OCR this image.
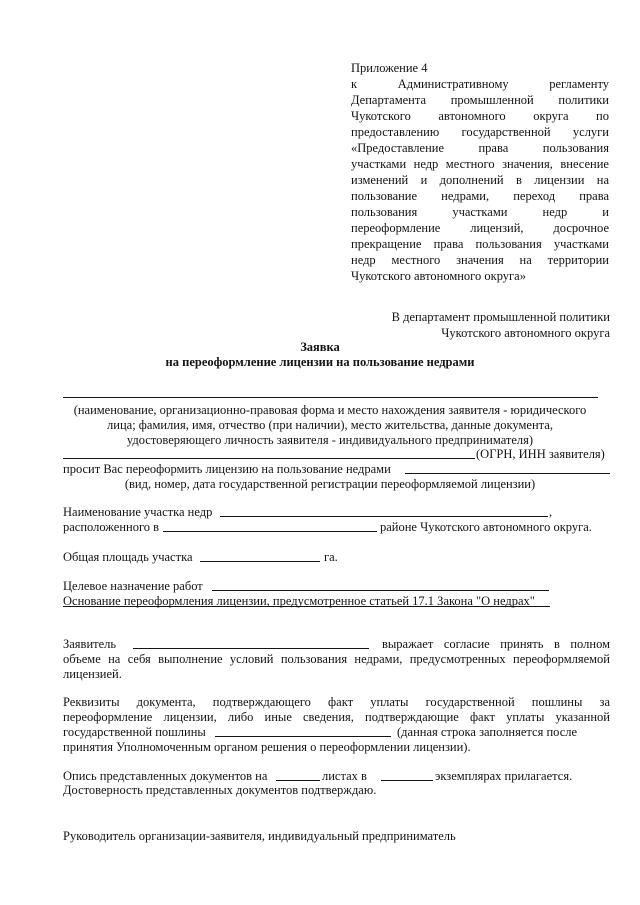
Приложение 4
к Административному регламенту
Департамента промышленной политики
Чукотского автономного округа по
предоставлению государственной услуги
«Предоставление права пользования
участками недр местного значения, внесение
изменений и дополнений в лицензии на
пользование недрами, переход права
пользования участками недр и
переоформление лицензий, досрочное
прекращение права пользования участками
недр местного значения на территории
Чукотского автономного округа»
В департамент промышленной политики
Чукотского автономного округа
Заявка
на переоформление лицензии на пользование недрами
(наименование, организационно-правовая форма и место нахождения заявителя - юридического
лица; фамилия, имя, отчество (при наличии), место жительства, данные документа,
удостоверяющего личность заявителя - индивидуального предпринимателя)
(ОГРН, ИНН заявителя)
просит Вас переоформить лицензию на пользование недрами
(вид, номер, дата государственной регистрации переоформляемой лицензии)
Наименование участка недр	,
расположенного в	районе Чукотского автономного округа.
Общая площадь участка	га.
Целевое назначение работ
Основание переоформления лицензии, предусмотренное статьей 17.1 Закона "О недрах"
Заявитель	выражает согласие принять в полном
объеме на себя выполнение условий пользования недрами, предусмотренных переоформляемой
лицензией.
Реквизиты документа, подтверждающего факт уплаты государственной пошлины за
переоформление лицензии, либо иные сведения, подтверждающие факт уплаты указанной
государственной пошлины	(данная строка заполняется после
принятия Уполномоченным органом решения о переоформлении лицензии).
Опись представленных документов на	листах в	экземплярах прилагается.
Достоверность представленных документов подтверждаю.
Руководитель организации-заявителя, индивидуальный предприниматель
